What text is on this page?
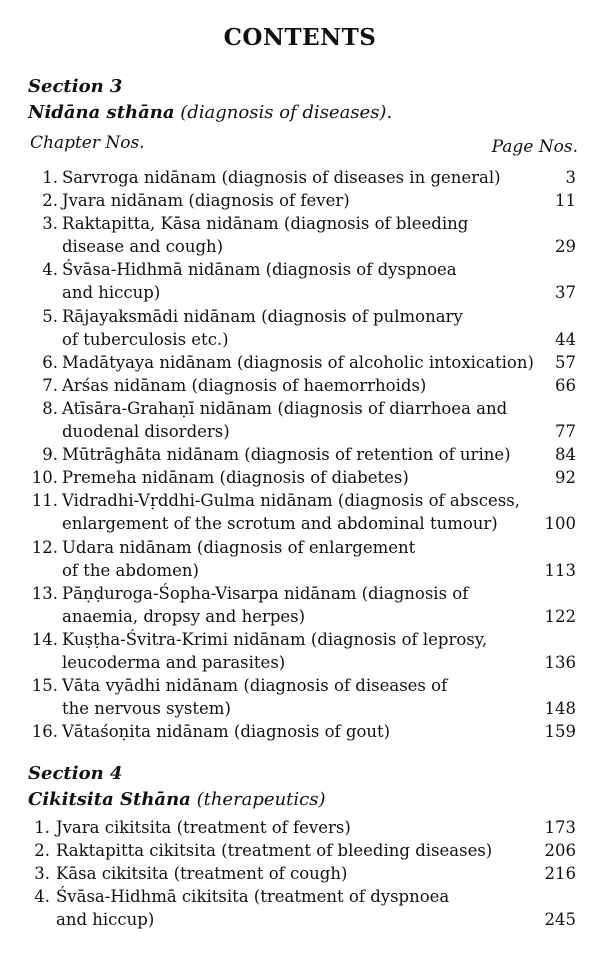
CONTENTS
Section 3
Nidāna sthāna (diagnosis of diseases).
Chapter Nos.	Page Nos.
1. Sarvroga nidānam (diagnosis of diseases in general)	3
2. Jvara nidānam (diagnosis of fever)	11
3. Raktapitta, Kāsa nidānam (diagnosis of bleeding
disease and cough)	29
4. Śvāsa-Hidhmā nidānam (diagnosis of dyspnoea
and hiccup)	37
5. Rājayaksmādi nidānam (diagnosis of pulmonary
of tuberculosis etc.)	44
6. Madātyaya nidānam (diagnosis of alcoholic intoxication) 57
7. Arśas nidānam (diagnosis of haemorrhoids)	66
8. Atīsāra-Grahaṇī nidānam (diagnosis of diarrhoea and
duodenal disorders)	77
9. Mūtrāghāta nidānam (diagnosis of retention of urine)	84
10. Premeha nidānam (diagnosis of diabetes)	92
11. Vidradhi-Vṛddhi-Gulma nidānam (diagnosis of abscess,
enlargement of the scrotum and abdominal tumour)	100
12. Udara nidānam (diagnosis of enlargement
of the abdomen)	113
13. Pāṇḍuroga-Śopha-Visarpa nidānam (diagnosis of
anaemia, dropsy and herpes)	122
14. Kuṣṭha-Śvitra-Krimi nidānam (diagnosis of leprosy,
leucoderma and parasites)	136
15. Vāta vyādhi nidānam (diagnosis of diseases of
the nervous system)	148
16. Vātaśoṇita nidānam (diagnosis of gout)	159
Section 4
Cikitsita Sthāna (therapeutics)
1. Jvara cikitsita (treatment of fevers)	173
2. Raktapitta cikitsita (treatment of bleeding diseases)	206
3. Kāsa cikitsita (treatment of cough)	216
4. Śvāsa-Hidhmā cikitsita (treatment of dyspnoea
and hiccup)	245
